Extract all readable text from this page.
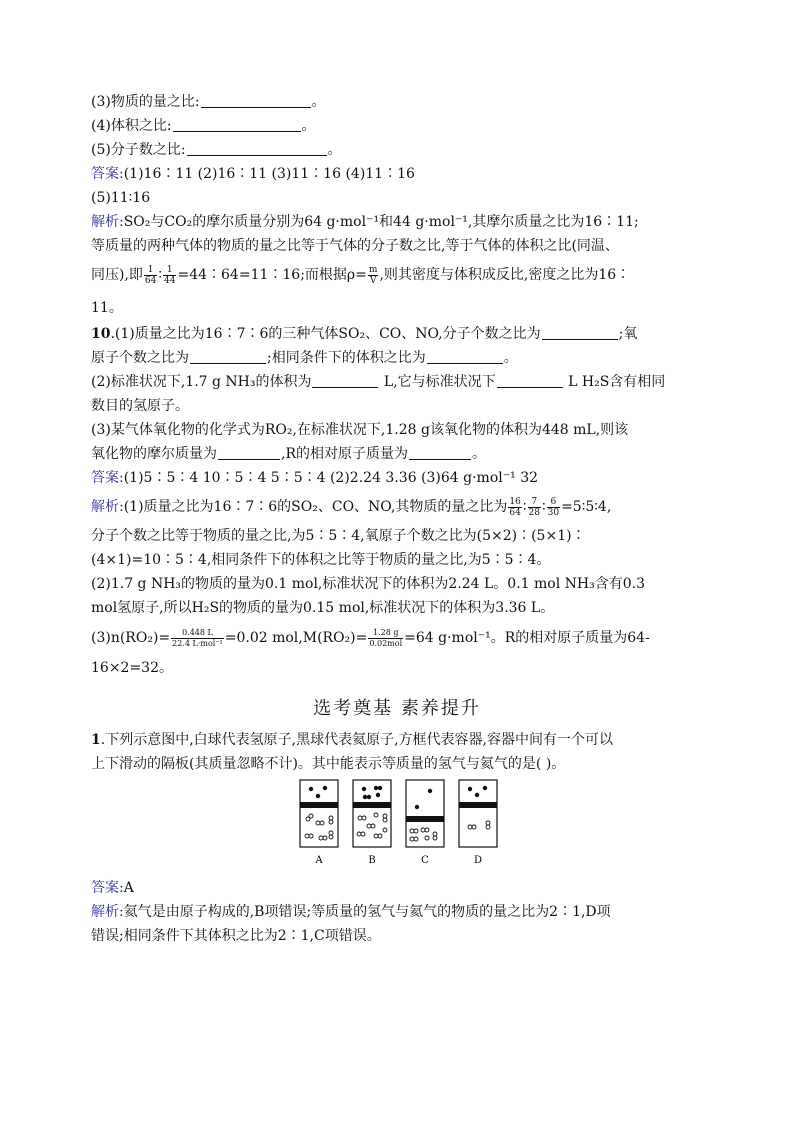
(3)物质的量之比:	。
(4)体积之比:	。
(5)分子数之比:	。
答案:(1)16∶11 (2)16∶11 (3)11∶16 (4)11∶16
(5)11∶16
解析:SO₂与CO₂的摩尔质量分别为64 g·mol⁻¹和44 g·mol⁻¹,其摩尔质量之比为16∶11;
等质量的两种气体的物质的量之比等于气体的分子数之比,等于气体的体积之比(同温、
同压),即 $\frac{1}{64}$ ∶ $\frac{1}{44}$ =44∶64=11∶16;而根据$\rho= \frac{m}{V}$ ,则其密度与体积成反比,密度之比为16∶
11。
10.(1)质量之比为16∶7∶6的三种气体SO₂、CO、NO,分子个数之比为	;氧
原子个数之比为	;相同条件下的体积之比为	。
(2)标准状况下,1.7 g NH₃的体积为	L,它与标准状况下	L H₂S含有相同
数目的氢原子。
(3)某气体氧化物的化学式为RO₂,在标准状况下,1.28 g该氧化物的体积为448 mL,则该
氧化物的摩尔质量为	,R的相对原子质量为	。
答案:(1)5∶5∶4 10∶5∶4 5∶5∶4 (2)2.24 3.36 (3)64 g·mol⁻¹ 32
解析:(1)质量之比为16∶7∶6的SO₂、CO、NO,其物质的量之比为 $\frac{16}{64}$ ∶ $\frac{7}{28}$ ∶ $\frac{6}{30}$ =5∶5∶4,
分子个数之比等于物质的量之比,为5∶5∶4,氧原子个数之比为(5×2)∶(5×1)∶
(4×1)=10∶5∶4,相同条件下的体积之比等于物质的量之比,为5∶5∶4。
(2)1.7 g NH₃的物质的量为0.1 mol,标准状况下的体积为2.24 L。0.1 mol NH₃含有0.3
mol氢原子,所以H₂S的物质的量为0.15 mol,标准状况下的体积为3.36 L。
$(3)n(RO_2)= \frac{0.448 L}{\text{22.4 L·mol⁻¹}} =0.02$ $mol,M(RO_2)= \frac{1.28 g}{\text{0.02mol}} =64$ g·mol⁻¹。R的相对原子质量为64-
16×2=32。
选考奠基 素养提升
1.下列示意图中,白球代表氢原子,黑球代表氦原子,方框代表容器,容器中间有一个可以
上下滑动的隔板(其质量忽略不计)。其中能表示等质量的氢气与氦气的是( )。
A	B	C	D
答案:A
解析:氦气是由原子构成的,B项错误;等质量的氢气与氦气的物质的量之比为2∶1,D项
错误;相同条件下其体积之比为2∶1,C项错误。
